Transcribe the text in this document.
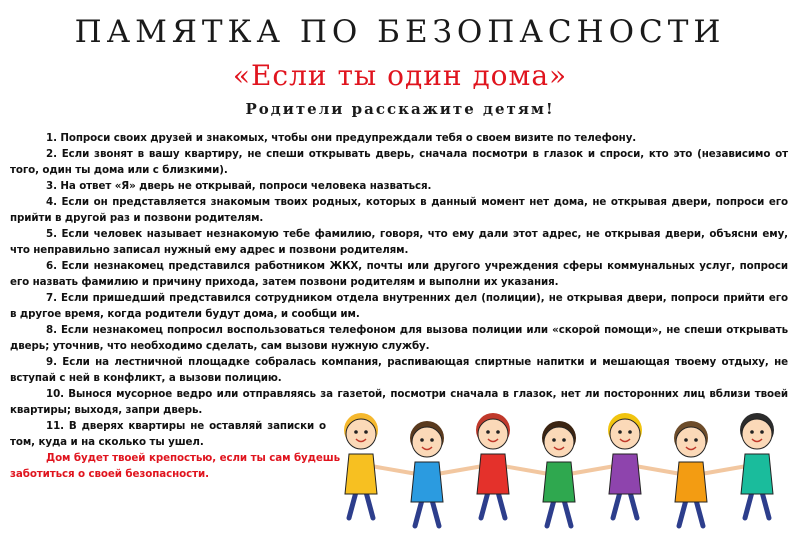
ПАМЯТКА ПО БЕЗОПАСНОСТИ
«Если ты один дома»
Родители расскажите детям!

1. Попроси своих друзей и знакомых, чтобы они предупреждали тебя о своем визите по телефону.

2. Если звонят в вашу квартиру, не спеши открывать дверь, сначала посмотри в глазок и спроси, кто это (независимо от того, один ты дома или с близкими).

3. На ответ «Я» дверь не открывай, попроси человека назваться.

4. Если он представляется знакомым твоих родных, которых в данный момент нет дома, не открывая двери, попроси его прийти в другой раз и позвони родителям.

5. Если человек называет незнакомую тебе фамилию, говоря, что ему дали этот адрес, не открывая двери, объясни ему, что неправильно записал нужный ему адрес и позвони родителям.

6. Если незнакомец представился работником ЖКХ, почты или другого учреждения сферы коммунальных услуг, попроси его назвать фамилию и причину прихода, затем позвони родителям и выполни их указания.

7. Если пришедший представился сотрудником отдела внутренних дел (полиции), не открывая двери, попроси прийти его в другое время, когда родители будут дома, и сообщи им.

8. Если незнакомец попросил воспользоваться телефоном для вызова полиции или «скорой помощи», не спеши открывать дверь; уточнив, что необходимо сделать, сам вызови нужную службу.

9. Если на лестничной площадке собралась компания, распивающая спиртные напитки и мешающая твоему отдыху, не вступай с ней в конфликт, а вызови полицию.

10. Вынося мусорное ведро или отправляясь за газетой, посмотри сначала в глазок, нет ли посторонних лиц вблизи твоей квартиры; выходя, запри дверь.

11. В дверях квартиры не оставляй записки о том, куда и на сколько ты ушел.

Дом будет твоей крепостью, если ты сам будешь заботиться о своей безопасности.
